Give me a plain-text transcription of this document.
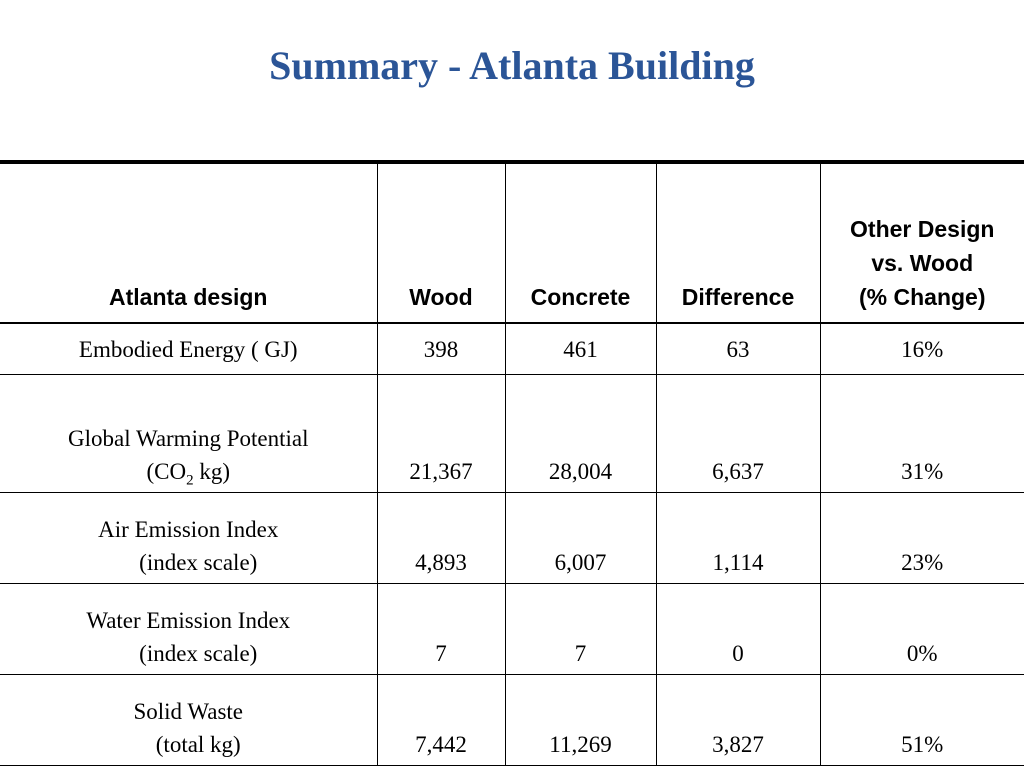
Summary - Atlanta Building
Atlanta design	Wood	Concrete	Difference	Other Design
vs. Wood
(% Change)

Embodied Energy ( GJ)	398	461	63	16%

Global Warming Potential
($CO_2$ kg)	21,367	28,004	6,637	31%

Air Emission Index
(index scale)	4,893	6,007	1,114	23%

Water Emission Index
(index scale)	7	7	0	0%

Solid Waste
(total kg)	7,442	11,269	3,827	51%
